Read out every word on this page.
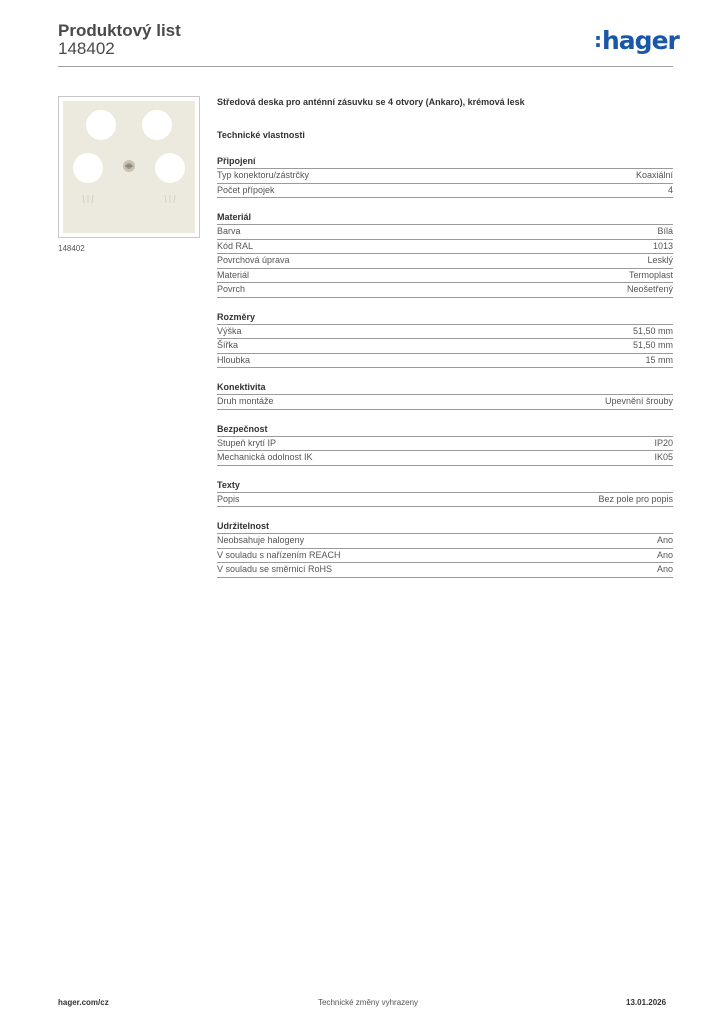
Produktový list
148402	:hager
148402
Středová deska pro anténní zásuvku se 4 otvory (Ankaro), krémová lesk
Technické vlastnosti
Připojení
Typ konektoru/zástrčky	Koaxiální
Počet přípojek	4
Materiál
Barva	Bílá
Kód RAL	1013
Povrchová úprava	Lesklý
Materiál	Termoplast
Povrch	Neošetřený
Rozměry
Výška	51,50 mm
Šířka	51,50 mm
Hloubka	15 mm
Konektivita
Druh montáže	Upevnění šrouby
Bezpečnost
Stupeň krytí IP	IP20
Mechanická odolnost IK	IK05
Texty
Popis	Bez pole pro popis
Udržitelnost
Neobsahuje halogeny	Ano
V souladu s nařízením REACH	Ano
V souladu se směrnicí RoHS	Ano
hager.com/cz	Technické změny vyhrazeny	13.01.2026
